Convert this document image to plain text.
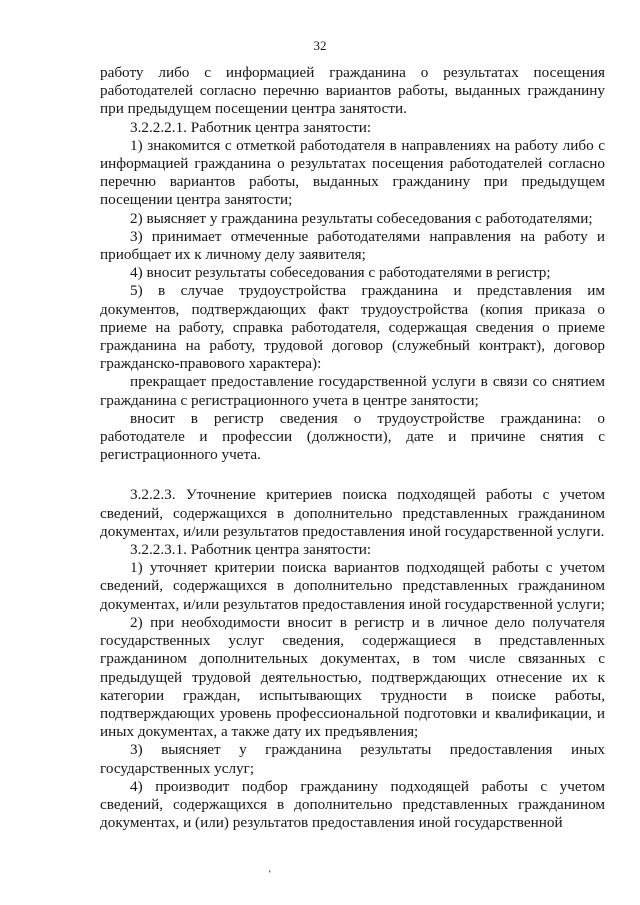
32

работу либо с информацией гражданина о результатах посещения работодателей согласно перечню вариантов работы, выданных гражданину при предыдущем посещении центра занятости.

3.2.2.2.1. Работник центра занятости:

1) знакомится с отметкой работодателя в направлениях на работу либо с информацией гражданина о результатах посещения работодателей согласно перечню вариантов работы, выданных гражданину при предыдущем посещении центра занятости;

2) выясняет у гражданина результаты собеседования с работодателями;

3) принимает отмеченные работодателями направления на работу и приобщает их к личному делу заявителя;

4) вносит результаты собеседования с работодателями в регистр;

5) в случае трудоустройства гражданина и представления им документов, подтверждающих факт трудоустройства (копия приказа о приеме на работу, справка работодателя, содержащая сведения о приеме гражданина на работу, трудовой договор (служебный контракт), договор гражданско-правового характера):

прекращает предоставление государственной услуги в связи со снятием гражданина с регистрационного учета в центре занятости;

вносит в регистр сведения о трудоустройстве гражданина: о работодателе и профессии (должности), дате и причине снятия с регистрационного учета.

3.2.2.3. Уточнение критериев поиска подходящей работы с учетом сведений, содержащихся в дополнительно представленных гражданином документах, и/или результатов предоставления иной государственной услуги.

3.2.2.3.1. Работник центра занятости:

1) уточняет критерии поиска вариантов подходящей работы с учетом сведений, содержащихся в дополнительно представленных гражданином документах, и/или результатов предоставления иной государственной услуги;

2) при необходимости вносит в регистр и в личное дело получателя государственных услуг сведения, содержащиеся в представленных гражданином дополнительных документах, в том числе связанных с предыдущей трудовой деятельностью, подтверждающих отнесение их к категории граждан, испытывающих трудности в поиске работы, подтверждающих уровень профессиональной подготовки и квалификации, и иных документах, а также дату их предъявления;

3) выясняет у гражданина результаты предоставления иных государственных услуг;

4) производит подбор гражданину подходящей работы с учетом сведений, содержащихся в дополнительно представленных гражданином документах, и (или) результатов предоставления иной государственной

ʻ
